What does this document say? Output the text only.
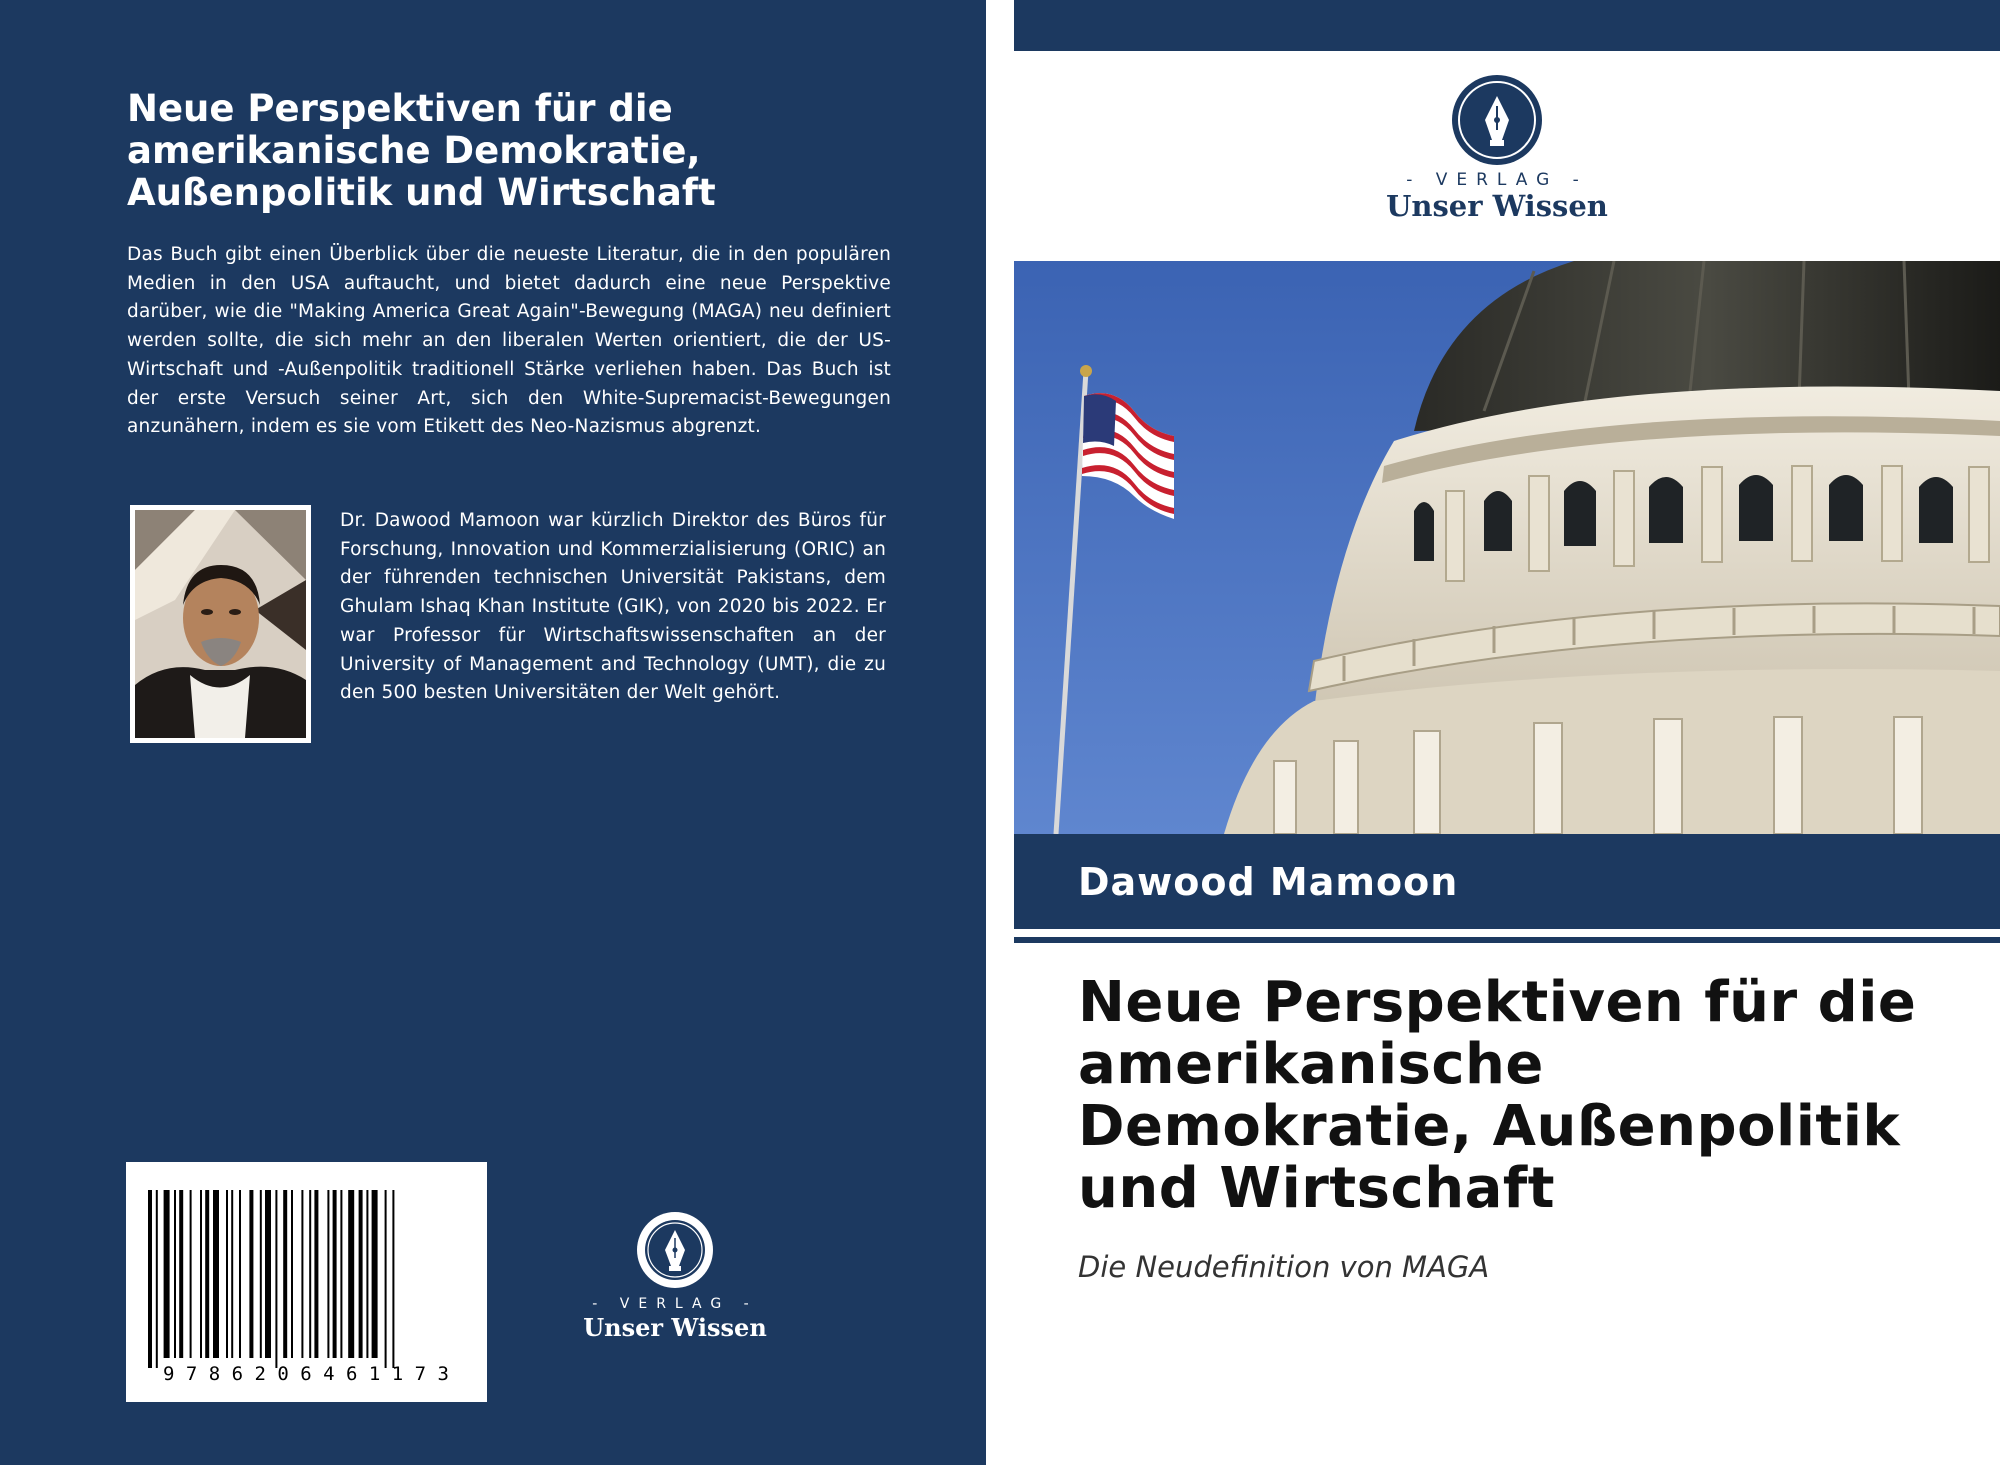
Neue Perspektiven für die
amerikanische Demokratie,
Außenpolitik und Wirtschaft

Das Buch gibt einen Überblick über die neueste Literatur, die in den populären Medien in den USA auftaucht, und bietet dadurch eine neue Perspektive darüber, wie die "Making America Great Again"-Bewegung (MAGA) neu definiert werden sollte, die sich mehr an den liberalen Werten orientiert, die der US-Wirtschaft und -Außenpolitik traditionell Stärke verliehen haben. Das Buch ist der erste Versuch seiner Art, sich den White-Supremacist-Bewegungen anzunähern, indem es sie vom Etikett des Neo-Nazismus abgrenzt.

Dr. Dawood Mamoon war kürzlich Direktor des Büros für Forschung, Innovation und Kommerzialisierung (ORIC) an der führenden technischen Universität Pakistans, dem Ghulam Ishaq Khan Institute (GIK), von 2020 bis 2022. Er war Professor für Wirtschaftswissenschaften an der University of Management and Technology (UMT), die zu den 500 besten Universitäten der Welt gehört.

9 7 8 6 2 0 6 4 6 1 1 7 3
- VERLAG -
Unser Wissen
- VERLAG -
Unser Wissen
Dawood Mamoon
Neue Perspektiven für die
amerikanische
Demokratie, Außenpolitik
und Wirtschaft

Die Neudefinition von MAGA
